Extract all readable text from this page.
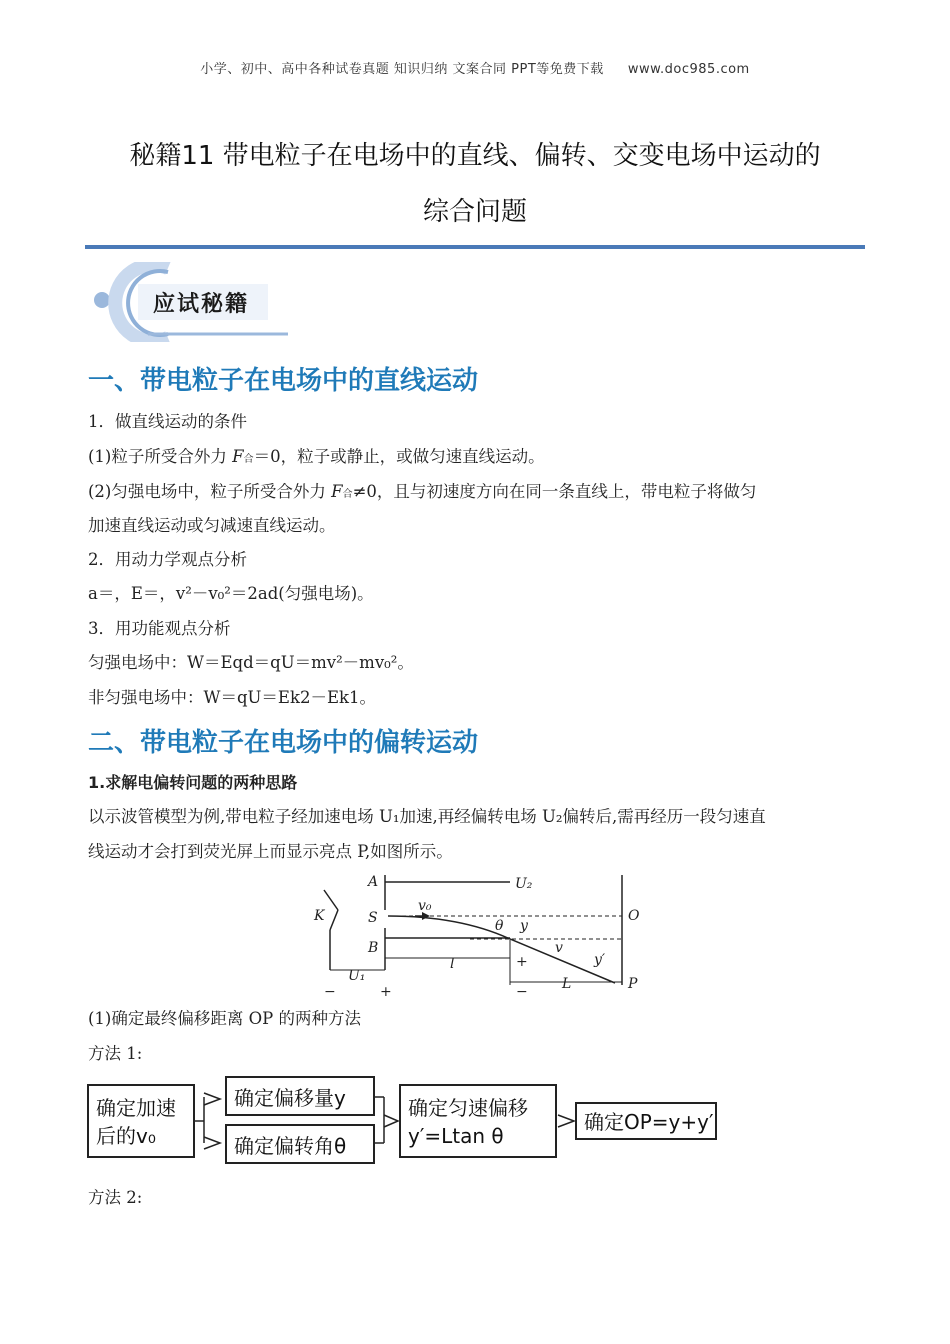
小学、初中、高中各种试卷真题 知识归纳 文案合同 PPT等免费下载 www.doc985.com
秘籍11 带电粒子在电场中的直线、偏转、交变电场中运动的
综合问题
应试秘籍
一、带电粒子在电场中的直线运动
1．做直线运动的条件
(1)粒子所受合外力 F合＝0，粒子或静止，或做匀速直线运动。
(2)匀强电场中，粒子所受合外力 F合≠0，且与初速度方向在同一条直线上，带电粒子将做匀
加速直线运动或匀减速直线运动。
2．用动力学观点分析
a＝，E＝，v²－v₀²＝2ad(匀强电场)。
3．用功能观点分析
匀强电场中：W＝Eqd＝qU＝mv²－mv₀²。
非匀强电场中：W＝qU＝Ek2－Ek1。
二、带电粒子在电场中的偏转运动
1.求解电偏转问题的两种思路
以示波管模型为例,带电粒子经加速电场 U₁加速,再经偏转电场 U₂偏转后,需再经历一段匀速直
线运动才会打到荧光屏上而显示亮点 P,如图所示。
A
K	S
B
v₀
U₂
θ y
v
y′
O
P
l
L
U₁
−	+
+
−
(1)确定最终偏移距离 OP 的两种方法
方法 1:
确定加速
后的v₀
确定偏移量y
确定偏转角θ
确定匀速偏移
y′=Ltan θ
确定OP=y+y′
方法 2:
